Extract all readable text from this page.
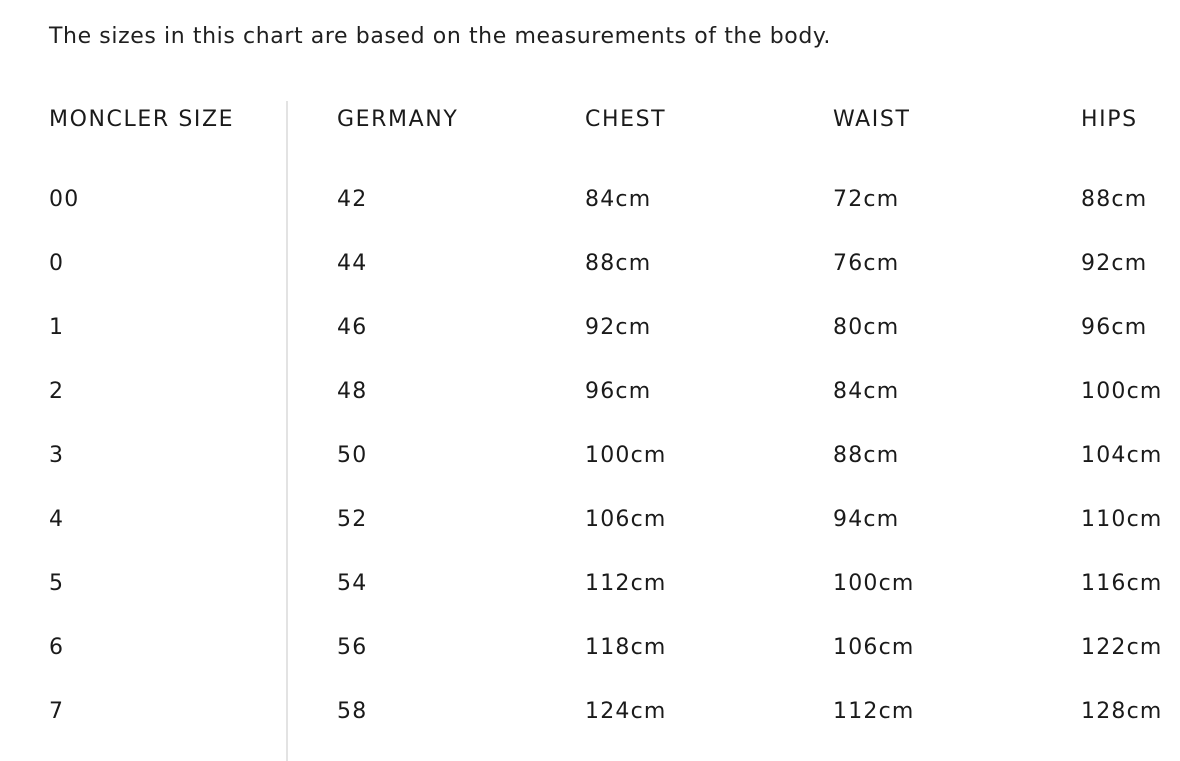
The sizes in this chart are based on the measurements of the body.
MONCLER SIZE	GERMANY	CHEST	WAIST	HIPS
00	42	84cm	72cm	88cm
0	44	88cm	76cm	92cm
1	46	92cm	80cm	96cm
2	48	96cm	84cm	100cm
3	50	100cm	88cm	104cm
4	52	106cm	94cm	110cm
5	54	112cm	100cm	116cm
6	56	118cm	106cm	122cm
7	58	124cm	112cm	128cm
